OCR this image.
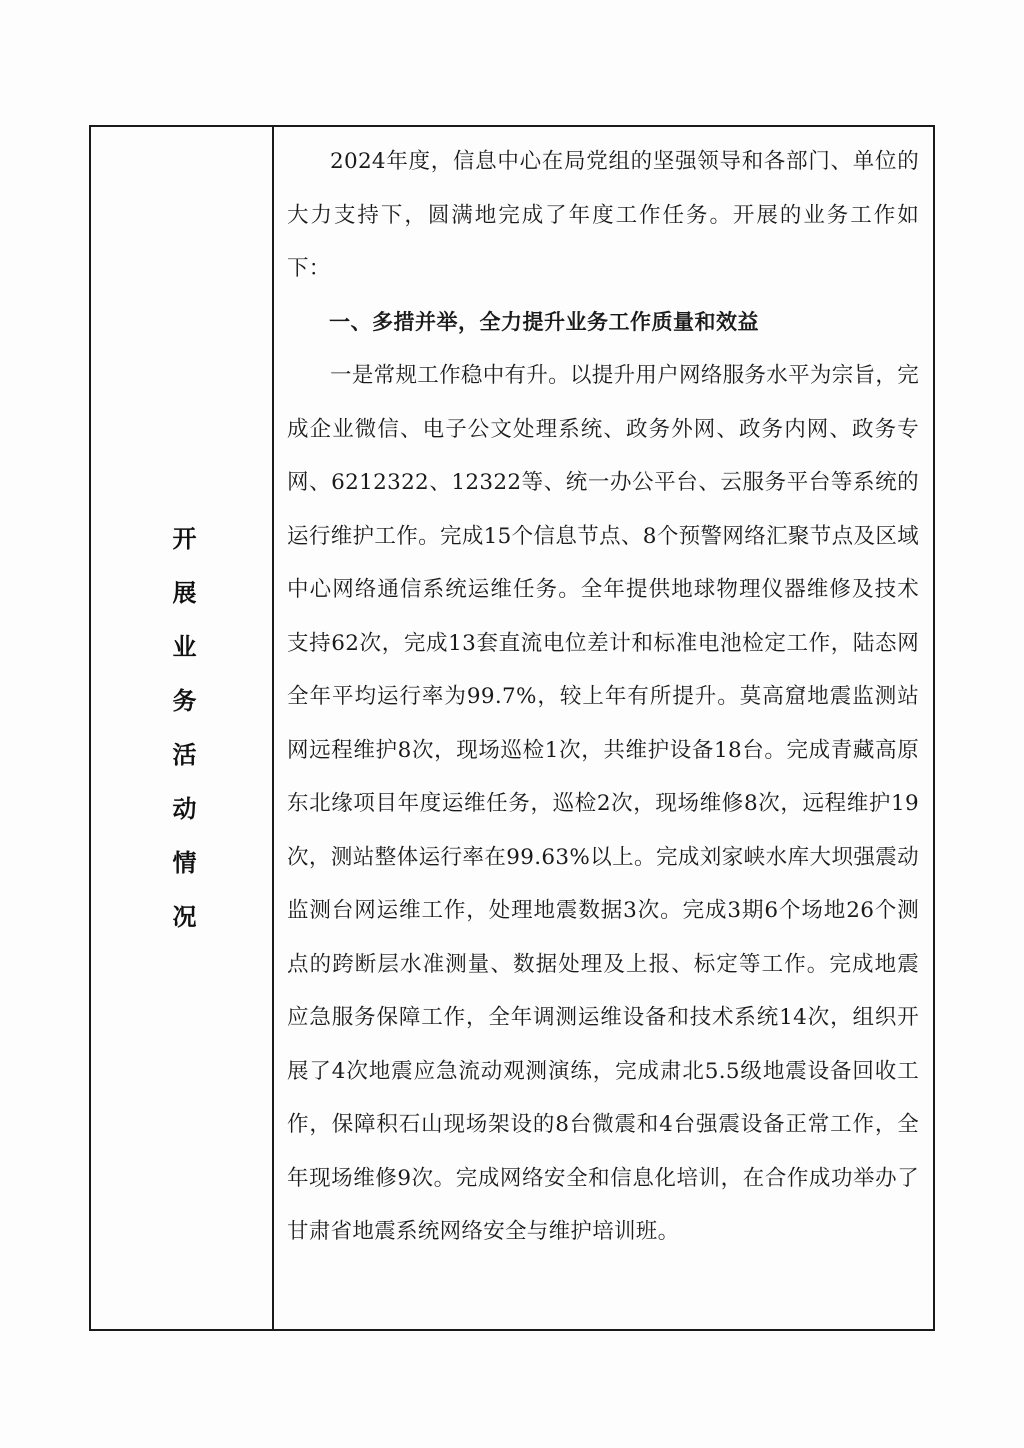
开
展
业
务
活
动
情
况

2024年度，信息中心在局党组的坚强领导和各部门、单位的大力支持下，圆满地完成了年度工作任务。开展的业务工作如下：

一、多措并举，全力提升业务工作质量和效益

一是常规工作稳中有升。以提升用户网络服务水平为宗旨，完成企业微信、电子公文处理系统、政务外网、政务内网、政务专网、6212322、12322等、统一办公平台、云服务平台等系统的运行维护工作。完成15个信息节点、8个预警网络汇聚节点及区域中心网络通信系统运维任务。全年提供地球物理仪器维修及技术支持62次，完成13套直流电位差计和标准电池检定工作，陆态网全年平均运行率为99.7%，较上年有所提升。莫高窟地震监测站网远程维护8次，现场巡检1次，共维护设备18台。完成青藏高原东北缘项目年度运维任务，巡检2次，现场维修8次，远程维护19次，测站整体运行率在99.63%以上。完成刘家峡水库大坝强震动监测台网运维工作，处理地震数据3次。完成3期6个场地26个测点的跨断层水准测量、数据处理及上报、标定等工作。完成地震应急服务保障工作，全年调测运维设备和技术系统14次，组织开展了4次地震应急流动观测演练，完成肃北5.5级地震设备回收工作，保障积石山现场架设的8台微震和4台强震设备正常工作，全年现场维修9次。完成网络安全和信息化培训，在合作成功举办了甘肃省地震系统网络安全与维护培训班。
